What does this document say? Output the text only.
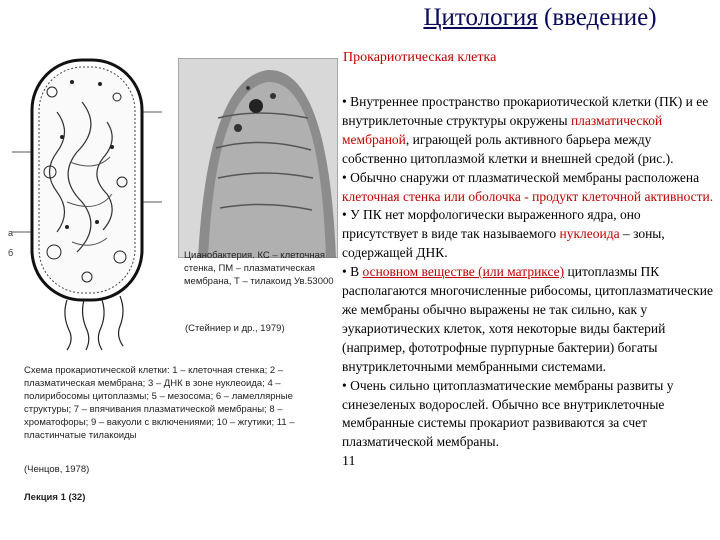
Цитология (введение)
Прокариотическая клетка
а
б	Цианобактерия. КС – клеточная стенка, ПМ – плазматическая мембрана, Т – тилакоид Ув.53000
(Стейниер и др., 1979)
Схема прокариотической клетки: 1 – клеточная стенка; 2 – плазматическая мембрана; 3 – ДНК в зоне нуклеоида; 4 – полирибосомы цитоплазмы; 5 – мезосома; 6 – ламеллярные структуры; 7 – впячивания плазматической мембраны; 8 – хроматофоры; 9 – вакуоли с включениями; 10 – жгутики; 11 – пластинчатые тилакоиды
(Ченцов, 1978)
Лекция 1 (32)

• Внутреннее пространство прокариотической клетки (ПК) и ее внутриклеточные структуры окружены плазматической мембраной, играющей роль активного барьера между собственно цитоплазмой клетки и внешней средой (рис.).

• Обычно снаружи от плазматической мембраны расположена клеточная стенка или оболочка - продукт клеточной активности.

• У ПК нет морфологически выраженного ядра, оно присутствует в виде так называемого нуклеоида – зоны, содержащей ДНК.

• В основном веществе (или матриксе) цитоплазмы ПК располагаются многочисленные рибосомы, цитоплазматические же мембраны обычно выражены не так сильно, как у эукариотических клеток, хотя некоторые виды бактерий (например, фототрофные пурпурные бактерии) богаты внутриклеточными мембранными системами.

• Очень сильно цитоплазматические мембраны развиты у синезеленых водорослей. Обычно все внутриклеточные мембранные системы прокариот развиваются за счет плазматической мембраны.

11
